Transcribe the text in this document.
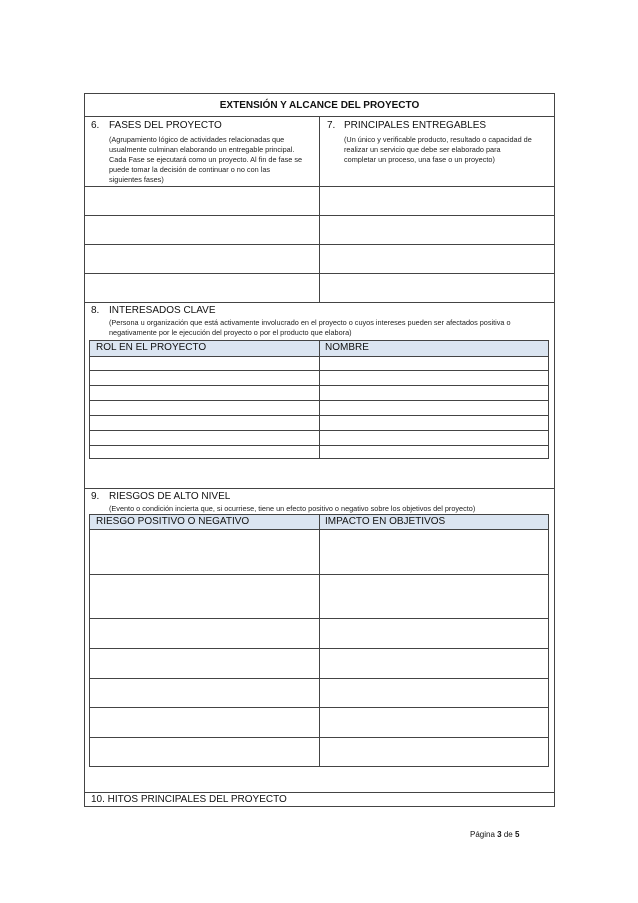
EXTENSIÓN Y ALCANCE DEL PROYECTO
6. FASES DEL PROYECTO
(Agrupamiento lógico de actividades relacionadas que
usualmente culminan elaborando un entregable principal.
Cada Fase se ejecutará como un proyecto. Al fin de fase se
puede tomar la decisión de continuar o no con las
siguientes fases)
7. PRINCIPALES ENTREGABLES
(Un único y verificable producto, resultado o capacidad de
realizar un servicio que debe ser elaborado para
completar un proceso, una fase o un proyecto)
8. INTERESADOS CLAVE
(Persona u organización que está activamente involucrado en el proyecto o cuyos intereses pueden ser afectados positiva o
negativamente por le ejecución del proyecto o por el producto que elabora)
ROL EN EL PROYECTO	NOMBRE
9. RIESGOS DE ALTO NIVEL
(Evento o condición incierta que, si ocurriese, tiene un efecto positivo o negativo sobre los objetivos del proyecto)
RIESGO POSITIVO O NEGATIVO	IMPACTO EN OBJETIVOS
10. HITOS PRINCIPALES DEL PROYECTO
Página 3 de 5
